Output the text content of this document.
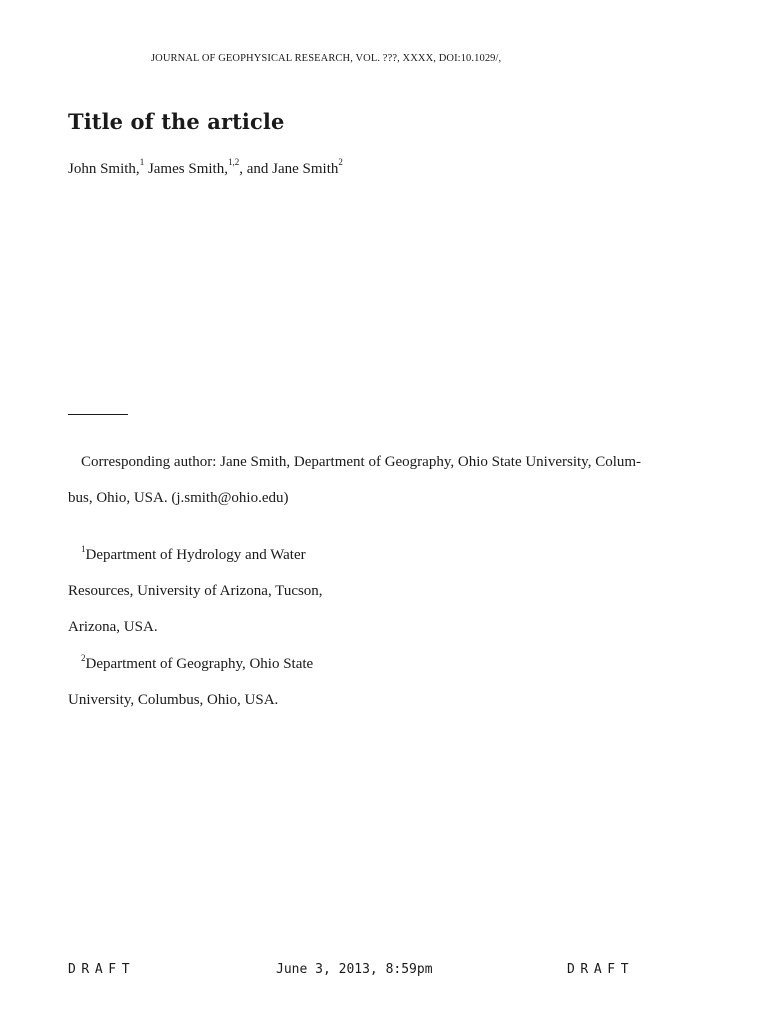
JOURNAL OF GEOPHYSICAL RESEARCH, VOL. ???, XXXX, DOI:10.1029/,
Title of the article
John Smith,$^1$ James Smith,$^{1,2}$, and Jane Smith$^2$
Corresponding author: Jane Smith, Department of Geography, Ohio State University, Colum-
bus, Ohio, USA. (j.smith@ohio.edu)
$^1$Department of Hydrology and Water
Resources, University of Arizona, Tucson,
Arizona, USA.
$^2$Department of Geography, Ohio State
University, Columbus, Ohio, USA.
DRAFT	June 3, 2013, 8:59pm	DRAFT
